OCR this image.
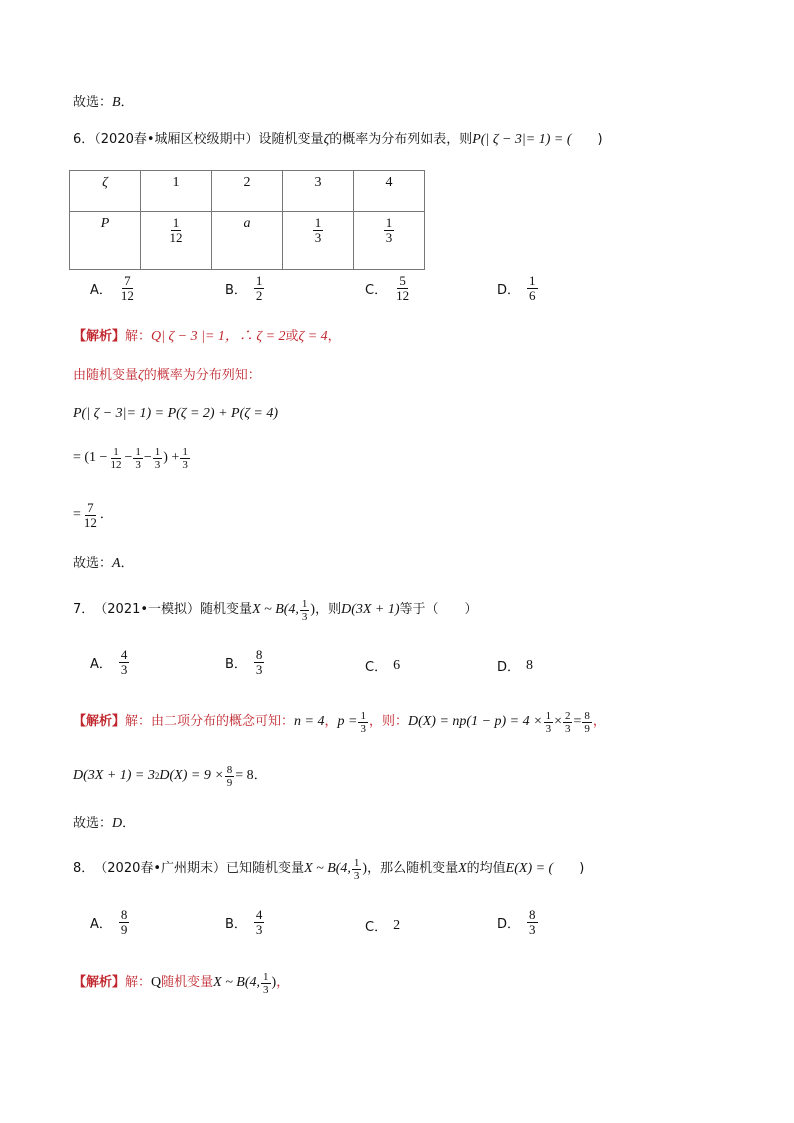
故选：B．
6．（2020春•城厢区校级期中）设随机变量ζ的概率为分布列如表，则P(| ζ − 3|= 1) = (　　)
ζ	1	2	3	4
P	$\frac{1}{12}$	a	$\frac{1}{3}$	$\frac{1}{3}$
A． $\frac{7}{12}$	B． $\frac{1}{2}$	C． $\frac{5}{12}$	D． $\frac{1}{6}$
【解析】解：Q| ζ − 3 |= 1，∴ ζ = 2或ζ = 4，
由随机变量ζ的概率为分布列知：
P(| ζ − 3|= 1) = P(ζ = 2) + P(ζ = 4)
= ($1 - \frac{1}{12} - \frac{1}{3} - \frac{1}{3}$ ) + $\frac{1}{3}$
= $\frac{7}{12}$ ．
故选：A．
7． （2021•一模拟） 随机变量 X ~ B(4, $\frac{1}{3}$ ) ，则 D(3X + 1) 等于（ 　　）
A． $\frac{4}{3}$	B． $\frac{8}{3}$	C． 6	D． 8
【解析】 解：由二项分布的概念可知： n = 4 ， $p = \frac{1}{3}$ ，则： $D(X) = np(1 - p) = 4 \times \frac{1}{3} \times \frac{2}{3} = \frac{8}{9}$ ，
D(3X + 1) = 3 2 $D(X) = 9 \times \frac{8}{9} = 8$ ．
故选：D．
8． （2020春•广州期末） 已知随机变量 X ~ B(4, $\frac{1}{3}$ ) ，那么随机变量 X 的均值 E(X) = ( 　　)
A． $\frac{8}{9}$	B． $\frac{4}{3}$	C． 2	D． $\frac{8}{3}$
【解析】 解： Q 随机变量 X ~ B(4, $\frac{1}{3}$ ) ，
